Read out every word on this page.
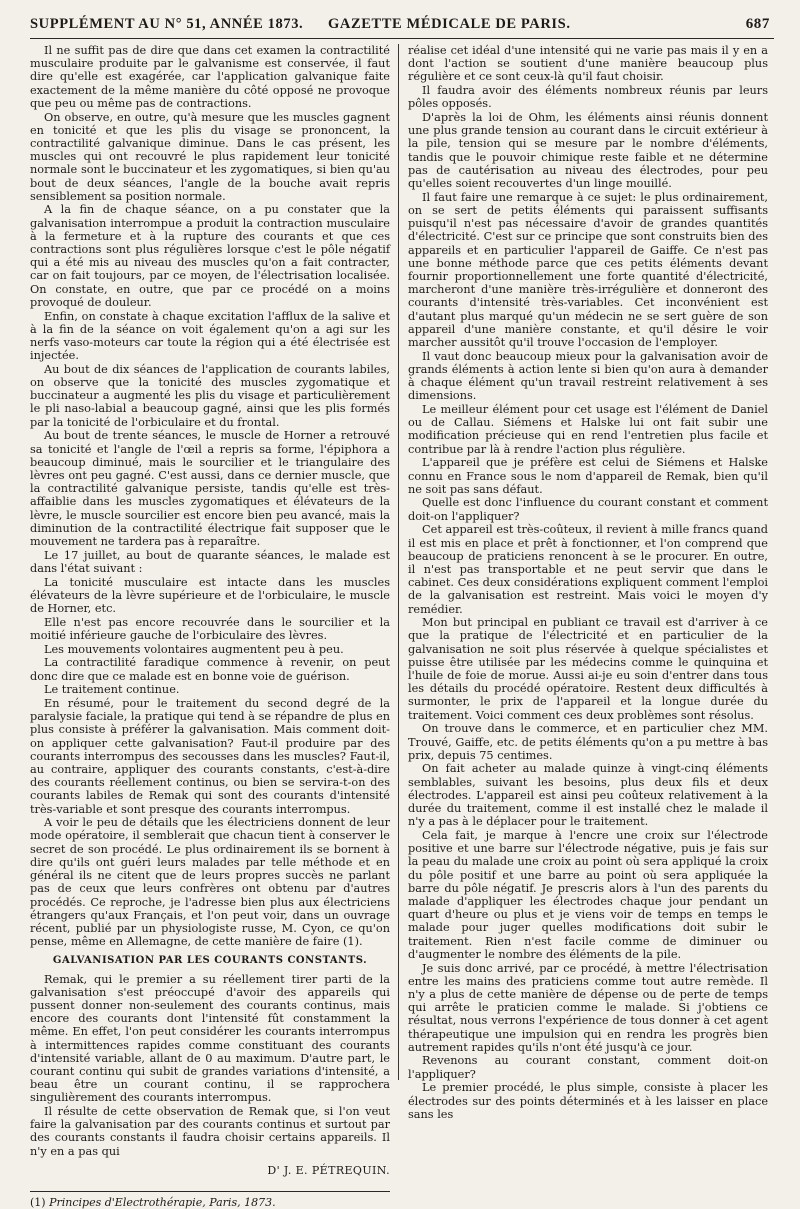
SUPPLÉMENT AU N° 51, ANNÉE 1873. GAZETTE MÉDICALE DE PARIS.	687

Il ne suffit pas de dire que dans cet examen la contractilité musculaire produite par le galvanisme est conservée, il faut dire qu'elle est exagérée, car l'application galvanique faite exactement de la même manière du côté opposé ne provoque que peu ou même pas de contractions.

On observe, en outre, qu'à mesure que les muscles gagnent en tonicité et que les plis du visage se prononcent, la contractilité galvanique diminue. Dans le cas présent, les muscles qui ont recouvré le plus rapidement leur tonicité normale sont le buccinateur et les zygomatiques, si bien qu'au bout de deux séances, l'angle de la bouche avait repris sensiblement sa position normale.

A la fin de chaque séance, on a pu constater que la galvanisation interrompue a produit la contraction musculaire à la fermeture et à la rupture des courants et que ces contractions sont plus régulières lorsque c'est le pôle négatif qui a été mis au niveau des muscles qu'on a fait contracter, car on fait toujours, par ce moyen, de l'électrisation localisée. On constate, en outre, que par ce procédé on a moins provoqué de douleur.

Enfin, on constate à chaque excitation l'afflux de la salive et à la fin de la séance on voit également qu'on a agi sur les nerfs vaso-moteurs car toute la région qui a été électrisée est injectée.

Au bout de dix séances de l'application de courants labiles, on observe que la tonicité des muscles zygomatique et buccinateur a augmenté les plis du visage et particulièrement le pli naso-labial a beaucoup gagné, ainsi que les plis formés par la tonicité de l'orbiculaire et du frontal.

Au bout de trente séances, le muscle de Horner a retrouvé sa tonicité et l'angle de l'œil a repris sa forme, l'épiphora a beaucoup diminué, mais le sourcilier et le triangulaire des lèvres ont peu gagné. C'est aussi, dans ce dernier muscle, que la contractilité galvanique persiste, tandis qu'elle est très-affaiblie dans les muscles zygomatiques et élévateurs de la lèvre, le muscle sourcilier est encore bien peu avancé, mais la diminution de la contractilité électrique fait supposer que le mouvement ne tardera pas à reparaître.

Le 17 juillet, au bout de quarante séances, le malade est dans l'état suivant :

La tonicité musculaire est intacte dans les muscles élévateurs de la lèvre supérieure et de l'orbiculaire, le muscle de Horner, etc.

Elle n'est pas encore recouvrée dans le sourcilier et la moitié inférieure gauche de l'orbiculaire des lèvres.

Les mouvements volontaires augmentent peu à peu.

La contractilité faradique commence à revenir, on peut donc dire que ce malade est en bonne voie de guérison.

Le traitement continue.

En résumé, pour le traitement du second degré de la paralysie faciale, la pratique qui tend à se répandre de plus en plus consiste à préférer la galvanisation. Mais comment doit-on appliquer cette galvanisation? Faut-il produire par des courants interrompus des secousses dans les muscles? Faut-il, au contraire, appliquer des courants constants, c'est-à-dire des courants réellement continus, ou bien se servira-t-on des courants labiles de Remak qui sont des courants d'intensité très-variable et sont presque des courants interrompus.

A voir le peu de détails que les électriciens donnent de leur mode opératoire, il semblerait que chacun tient à conserver le secret de son procédé. Le plus ordinairement ils se bornent à dire qu'ils ont guéri leurs malades par telle méthode et en général ils ne citent que de leurs propres succès ne parlant pas de ceux que leurs confrères ont obtenu par d'autres procédés. Ce reproche, je l'adresse bien plus aux électriciens étrangers qu'aux Français, et l'on peut voir, dans un ouvrage récent, publié par un physiologiste russe, M. Cyon, ce qu'on pense, même en Allemagne, de cette manière de faire (1).

GALVANISATION PAR LES COURANTS CONSTANTS.

Remak, qui le premier a su réellement tirer parti de la galvanisation s'est préoccupé d'avoir des appareils qui pussent donner non-seulement des courants continus, mais encore des courants dont l'intensité fût constamment la même. En effet, l'on peut considérer les courants interrompus à intermittences rapides comme constituant des courants d'intensité variable, allant de 0 au maximum. D'autre part, le courant continu qui subit de grandes variations d'intensité, a beau être un courant continu, il se rapprochera singulièrement des courants interrompus.

Il résulte de cette observation de Remak que, si l'on veut faire la galvanisation par des courants continus et surtout par des courants constants il faudra choisir certains appareils. Il n'y en a pas qui

D' J. E. PÉTREQUIN.

(1) Principes d'Electrothérapie, Paris, 1873.

réalise cet idéal d'une intensité qui ne varie pas mais il y en a dont l'action se soutient d'une manière beaucoup plus régulière et ce sont ceux-là qu'il faut choisir.

Il faudra avoir des éléments nombreux réunis par leurs pôles opposés.

D'après la loi de Ohm, les éléments ainsi réunis donnent une plus grande tension au courant dans le circuit extérieur à la pile, tension qui se mesure par le nombre d'éléments, tandis que le pouvoir chimique reste faible et ne détermine pas de cautérisation au niveau des électrodes, pour peu qu'elles soient recouvertes d'un linge mouillé.

Il faut faire une remarque à ce sujet: le plus ordinairement, on se sert de petits éléments qui paraissent suffisants puisqu'il n'est pas nécessaire d'avoir de grandes quantités d'électricité. C'est sur ce principe que sont construits bien des appareils et en particulier l'appareil de Gaiffe. Ce n'est pas une bonne méthode parce que ces petits éléments devant fournir proportionnellement une forte quantité d'électricité, marcheront d'une manière très-irrégulière et donneront des courants d'intensité très-variables. Cet inconvénient est d'autant plus marqué qu'un médecin ne se sert guère de son appareil d'une manière constante, et qu'il désire le voir marcher aussitôt qu'il trouve l'occasion de l'employer.

Il vaut donc beaucoup mieux pour la galvanisation avoir de grands éléments à action lente si bien qu'on aura à demander à chaque élément qu'un travail restreint relativement à ses dimensions.

Le meilleur élément pour cet usage est l'élément de Daniel ou de Callau. Siémens et Halske lui ont fait subir une modification précieuse qui en rend l'entretien plus facile et contribue par là à rendre l'action plus régulière.

L'appareil que je préfère est celui de Siémens et Halske connu en France sous le nom d'appareil de Remak, bien qu'il ne soit pas sans défaut.

Quelle est donc l'influence du courant constant et comment doit-on l'appliquer?

Cet appareil est très-coûteux, il revient à mille francs quand il est mis en place et prêt à fonctionner, et l'on comprend que beaucoup de praticiens renoncent à se le procurer. En outre, il n'est pas transportable et ne peut servir que dans le cabinet. Ces deux considérations expliquent comment l'emploi de la galvanisation est restreint. Mais voici le moyen d'y remédier.

Mon but principal en publiant ce travail est d'arriver à ce que la pratique de l'électricité et en particulier de la galvanisation ne soit plus réservée à quelque spécialistes et puisse être utilisée par les médecins comme le quinquina et l'huile de foie de morue. Aussi ai-je eu soin d'entrer dans tous les détails du procédé opératoire. Restent deux difficultés à surmonter, le prix de l'appareil et la longue durée du traitement. Voici comment ces deux problèmes sont résolus.

On trouve dans le commerce, et en particulier chez MM. Trouvé, Gaiffe, etc. de petits éléments qu'on a pu mettre à bas prix, depuis 75 centimes.

On fait acheter au malade quinze à vingt-cinq éléments semblables, suivant les besoins, plus deux fils et deux électrodes. L'appareil est ainsi peu coûteux relativement à la durée du traitement, comme il est installé chez le malade il n'y a pas à le déplacer pour le traitement.

Cela fait, je marque à l'encre une croix sur l'électrode positive et une barre sur l'électrode négative, puis je fais sur la peau du malade une croix au point où sera appliqué la croix du pôle positif et une barre au point où sera appliquée la barre du pôle négatif. Je prescris alors à l'un des parents du malade d'appliquer les électrodes chaque jour pendant un quart d'heure ou plus et je viens voir de temps en temps le malade pour juger quelles modifications doit subir le traitement. Rien n'est facile comme de diminuer ou d'augmenter le nombre des éléments de la pile.

Je suis donc arrivé, par ce procédé, à mettre l'électrisation entre les mains des praticiens comme tout autre remède. Il n'y a plus de cette manière de dépense ou de perte de temps qui arrête le praticien comme le malade. Si j'obtiens ce résultat, nous verrons l'expérience de tous donner à cet agent thérapeutique une impulsion qui en rendra les progrès bien autrement rapides qu'ils n'ont été jusqu'à ce jour.

Revenons au courant constant, comment doit-on l'appliquer?

Le premier procédé, le plus simple, consiste à placer les électrodes sur des points déterminés et à les laisser en place sans les
